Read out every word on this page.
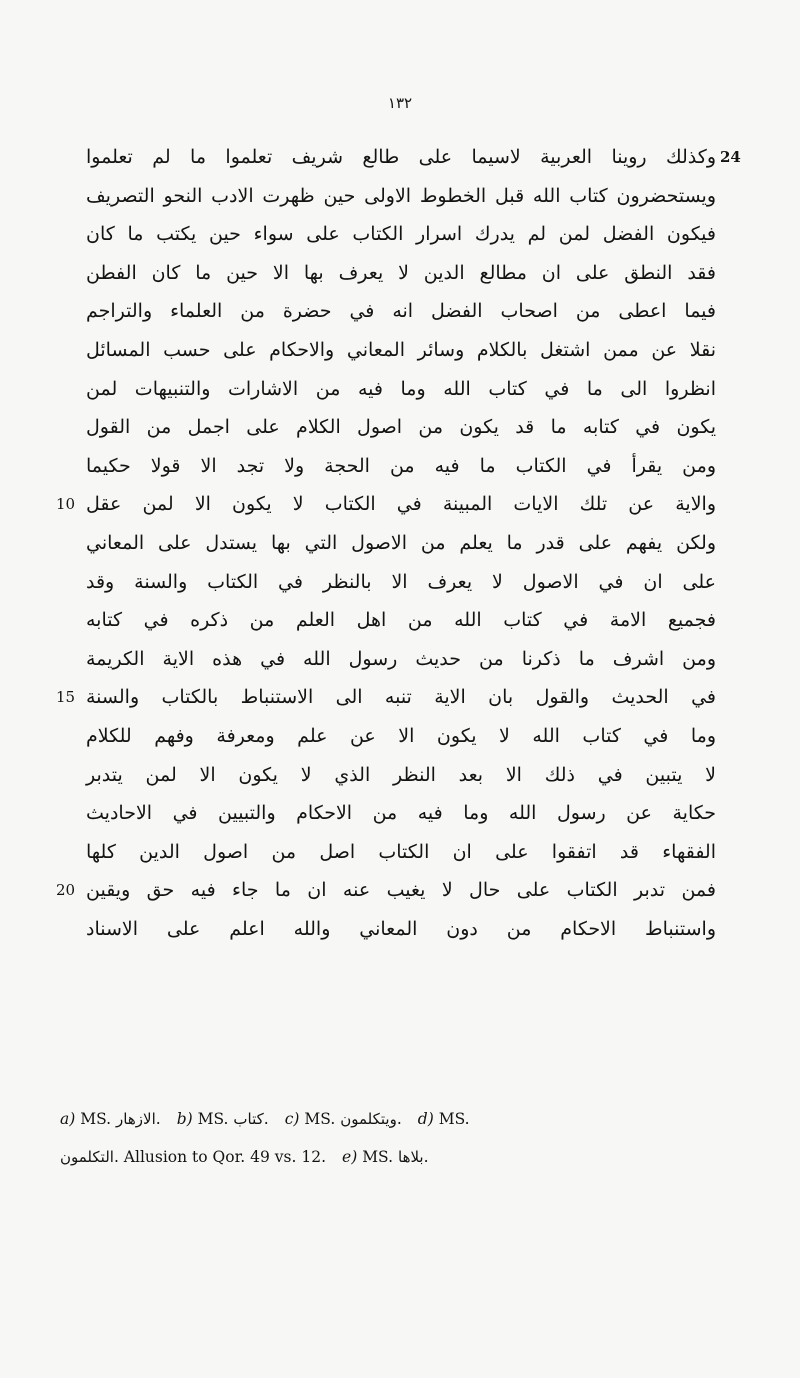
١٣٢
وكذلك روينا العربية لاسيما على طالع شريف تعلموا ما لم تعلموا 24
ويستحضرون كتاب الله قبل الخطوط الاولى حين ظهرت الادب النحو التصريف
فيكون الفضل لمن لم يدرك اسرار الكتاب على سواء حين يكتب ما كان
فقد النطق على ان مطالع الدين لا يعرف بها الا حين ما كان الفطن
فيما اعطى من اصحاب الفضل انه في حضرة من العلماء والتراجم
نقلا عن ممن اشتغل بالكلام وسائر المعاني والاحكام على حسب المسائل
انظروا الى ما في كتاب الله وما فيه من الاشارات والتنبيهات لمن
يكون في كتابه ما قد يكون من اصول الكلام على اجمل من القول
ومن يقرأ في الكتاب ما فيه من الحجة ولا تجد الا قولا حكيما
والاية عن تلك الايات المبينة في الكتاب لا يكون الا لمن عقل
10
ولكن يفهم على قدر ما يعلم من الاصول التي بها يستدل على المعاني
على ان في الاصول لا يعرف الا بالنظر في الكتاب والسنة وقد
فجميع الامة في كتاب الله من اهل العلم من ذكره في كتابه
ومن اشرف ما ذكرنا من حديث رسول الله في هذه الاية الكريمة
في الحديث والقول بان الاية تنبه الى الاستنباط بالكتاب والسنة
15
وما في كتاب الله لا يكون الا عن علم ومعرفة وفهم للكلام
لا يتبين في ذلك الا بعد النظر الذي لا يكون الا لمن يتدبر
حكاية عن رسول الله وما فيه من الاحكام والتبيين في الاحاديث
الفقهاء قد اتفقوا على ان الكتاب اصل من اصول الدين كلها
فمن تدبر الكتاب على حال لا يغيب عنه ان ما جاء فيه حق ويقين
20
واستنباط الاحكام من دون المعاني والله اعلم على الاسناد
a) MS. الازهار. b) MS. كتاب. c) MS. ويتكلمون. d) MS.
التكلمون. Allusion to Qor. 49 vs. 12. e) MS. بلاها.
